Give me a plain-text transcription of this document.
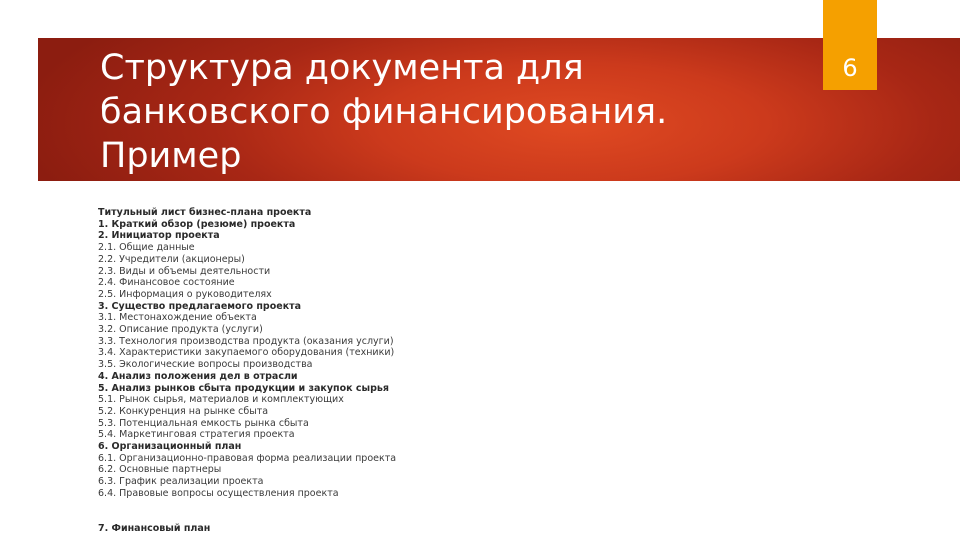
Структура документа для
банковского финансирования.
Пример
6
Титульный лист бизнес-плана проекта
1. Краткий обзор (резюме) проекта
2. Инициатор проекта
2.1. Общие данные
2.2. Учредители (акционеры)
2.3. Виды и объемы деятельности
2.4. Финансовое состояние
2.5. Информация о руководителях
3. Существо предлагаемого проекта
3.1. Местонахождение объекта
3.2. Описание продукта (услуги)
3.3. Технология производства продукта (оказания услуги)
3.4. Характеристики закупаемого оборудования (техники)
3.5. Экологические вопросы производства
4. Анализ положения дел в отрасли
5. Анализ рынков сбыта продукции и закупок сырья
5.1. Рынок сырья, материалов и комплектующих
5.2. Конкуренция на рынке сбыта
5.3. Потенциальная емкость рынка сбыта
5.4. Маркетинговая стратегия проекта
6. Организационный план
6.1. Организационно-правовая форма реализации проекта
6.2. Основные партнеры
6.3. График реализации проекта
6.4. Правовые вопросы осуществления проекта
7. Финансовый план
